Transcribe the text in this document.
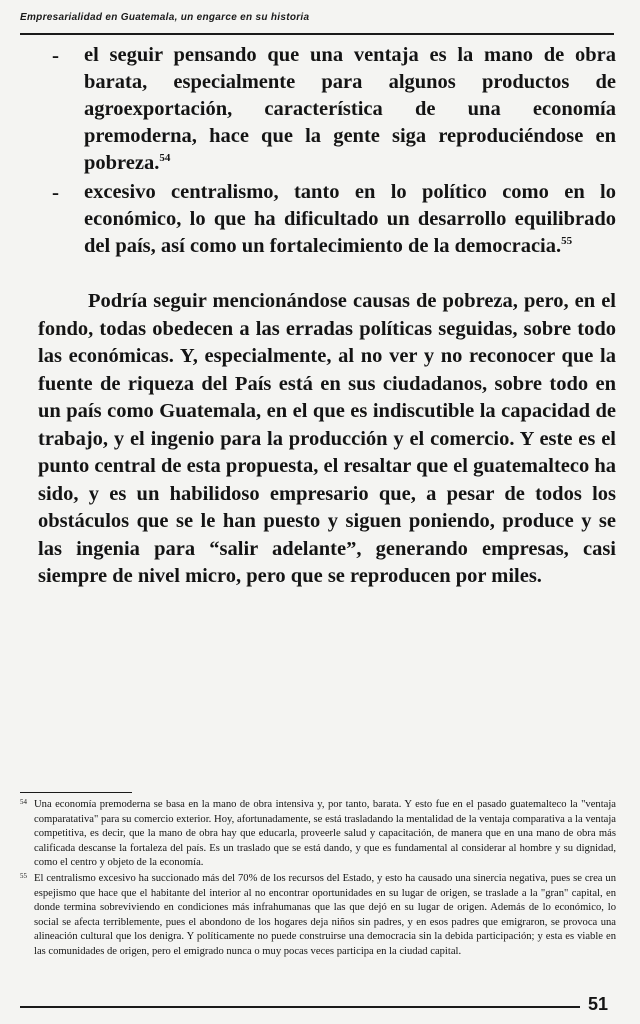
Empresarialidad en Guatemala, un engarce en su historia
- el seguir pensando que una ventaja es la mano de obra barata, especialmente para algunos productos de agroexportación, característica de una economía premoderna, hace que la gente siga reproduciéndose en pobreza.$^{54}$
- excesivo centralismo, tanto en lo político como en lo económico, lo que ha dificultado un desarrollo equilibrado del país, así como un fortalecimiento de la democracia.$^{55}$

Podría seguir mencionándose causas de pobreza, pero, en el fondo, todas obedecen a las erradas políticas seguidas, sobre todo las económicas. Y, especialmente, al no ver y no reconocer que la fuente de riqueza del País está en sus ciudadanos, sobre todo en un país como Guatemala, en el que es indiscutible la capacidad de trabajo, y el ingenio para la producción y el comercio. Y este es el punto central de esta propuesta, el resaltar que el guatemalteco ha sido, y es un habilidoso empresario que, a pesar de todos los obstáculos que se le han puesto y siguen poniendo, produce y se las ingenia para “salir adelante”, generando empresas, casi siempre de nivel micro, pero que se reproducen por miles.

54 Una economía premoderna se basa en la mano de obra intensiva y, por tanto, barata. Y esto fue en el pasado guatemalteco la "ventaja comparatativa" para su comercio exterior. Hoy, afortunadamente, se está trasladando la mentalidad de la ventaja comparativa a la ventaja competitiva, es decir, que la mano de obra hay que educarla, proveerle salud y capacitación, de manera que en una mano de obra más calificada descanse la fortaleza del país. Es un traslado que se está dando, y que es fundamental al considerar al hombre y su dignidad, como el centro y objeto de la economía.

55 El centralismo excesivo ha succionado más del 70% de los recursos del Estado, y esto ha causado una sinercia negativa, pues se crea un espejismo que hace que el habitante del interior al no encontrar oportunidades en su lugar de origen, se traslade a la "gran" capital, en donde termina sobreviviendo en condiciones más infrahumanas que las que dejó en su lugar de origen. Además de lo económico, lo social se afecta terriblemente, pues el abondono de los hogares deja niños sin padres, y en esos padres que emigraron, se provoca una alineación cultural que los denigra. Y políticamente no puede construirse una democracia sin la debida participación; y esta es viable en las comunidades de origen, pero el emigrado nunca o muy pocas veces participa en la ciudad capital.

51
